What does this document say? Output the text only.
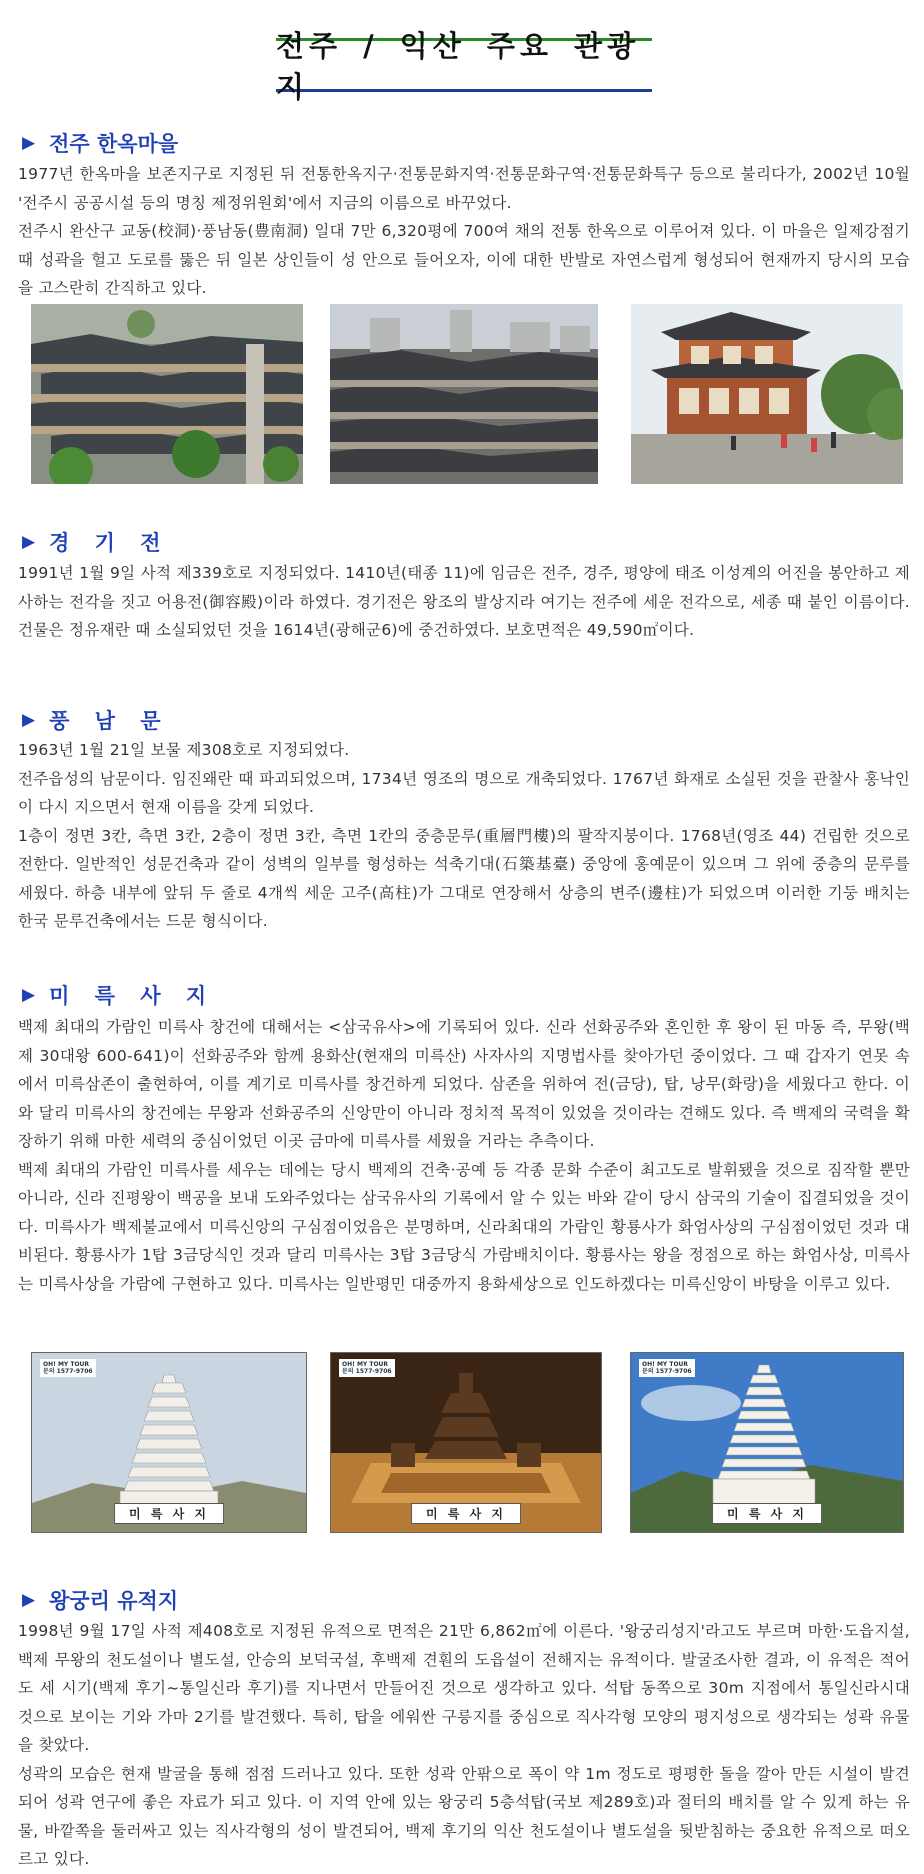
전주 / 익산 주요 관광지
▶ 전주 한옥마을

1977년 한옥마을 보존지구로 지정된 뒤 전통한옥지구·전통문화지역·전통문화구역·전통문화특구 등으로 불리다가, 2002년 10월 '전주시 공공시설 등의 명칭 제정위원회'에서 지금의 이름으로 바꾸었다.

전주시 완산구 교동(校洞)·풍남동(豊南洞) 일대 7만 6,320평에 700여 채의 전통 한옥으로 이루어져 있다. 이 마을은 일제강점기 때 성곽을 헐고 도로를 뚫은 뒤 일본 상인들이 성 안으로 들어오자, 이에 대한 반발로 자연스럽게 형성되어 현재까지 당시의 모습을 고스란히 간직하고 있다.

▶ 경 기 전

1991년 1월 9일 사적 제339호로 지정되었다. 1410년(태종 11)에 임금은 전주, 경주, 평양에 태조 이성계의 어진을 봉안하고 제사하는 전각을 짓고 어용전(御容殿)이라 하였다. 경기전은 왕조의 발상지라 여기는 전주에 세운 전각으로, 세종 때 붙인 이름이다. 건물은 정유재란 때 소실되었던 것을 1614년(광해군6)에 중건하였다. 보호면적은 49,590㎡이다.

▶ 풍 남 문

1963년 1월 21일 보물 제308호로 지정되었다.

전주읍성의 남문이다. 임진왜란 때 파괴되었으며, 1734년 영조의 명으로 개축되었다. 1767년 화재로 소실된 것을 관찰사 홍낙인이 다시 지으면서 현재 이름을 갖게 되었다.

1층이 정면 3칸, 측면 3칸, 2층이 정면 3칸, 측면 1칸의 중층문루(重層門樓)의 팔작지붕이다. 1768년(영조 44) 건립한 것으로 전한다. 일반적인 성문건축과 같이 성벽의 일부를 형성하는 석축기대(石築基臺) 중앙에 홍예문이 있으며 그 위에 중층의 문루를 세웠다. 하층 내부에 앞뒤 두 줄로 4개씩 세운 고주(高柱)가 그대로 연장해서 상층의 변주(邊柱)가 되었으며 이러한 기둥 배치는 한국 문루건축에서는 드문 형식이다.

▶ 미 륵 사 지

백제 최대의 가람인 미륵사 창건에 대해서는 <삼국유사>에 기록되어 있다. 신라 선화공주와 혼인한 후 왕이 된 마동 즉, 무왕(백제 30대왕 600-641)이 선화공주와 함께 용화산(현재의 미륵산) 사자사의 지명법사를 찾아가던 중이었다. 그 때 갑자기 연못 속에서 미륵삼존이 출현하여, 이를 계기로 미륵사를 창건하게 되었다. 삼존을 위하여 전(금당), 탑, 낭무(화랑)을 세웠다고 한다. 이와 달리 미륵사의 창건에는 무왕과 선화공주의 신앙만이 아니라 정치적 목적이 있었을 것이라는 견해도 있다. 즉 백제의 국력을 확장하기 위해 마한 세력의 중심이었던 이곳 금마에 미륵사를 세웠을 거라는 추측이다.

백제 최대의 가람인 미륵사를 세우는 데에는 당시 백제의 건축·공예 등 각종 문화 수준이 최고도로 발휘됐을 것으로 짐작할 뿐만 아니라, 신라 진평왕이 백공을 보내 도와주었다는 삼국유사의 기록에서 알 수 있는 바와 같이 당시 삼국의 기술이 집결되었을 것이다. 미륵사가 백제불교에서 미륵신앙의 구심점이었음은 분명하며, 신라최대의 가람인 황룡사가 화엄사상의 구심점이었던 것과 대비된다. 황룡사가 1탑 3금당식인 것과 달리 미륵사는 3탑 3금당식 가람배치이다. 황룡사는 왕을 정점으로 하는 화엄사상, 미륵사는 미륵사상을 가람에 구현하고 있다. 미륵사는 일반평민 대중까지 용화세상으로 인도하겠다는 미륵신앙이 바탕을 이루고 있다.

OH! MY TOUR
문의 1577-9706
미 륵 사 지
OH! MY TOUR
문의 1577-9706
미 륵 사 지
OH! MY TOUR
문의 1577-9706
미 륵 사 지
▶ 왕궁리 유적지

1998년 9월 17일 사적 제408호로 지정된 유적으로 면적은 21만 6,862㎡에 이른다. '왕궁리성지'라고도 부르며 마한·도읍지설, 백제 무왕의 천도설이나 별도설, 안승의 보덕국설, 후백제 견훤의 도읍설이 전해지는 유적이다. 발굴조사한 결과, 이 유적은 적어도 세 시기(백제 후기~통일신라 후기)를 지나면서 만들어진 것으로 생각하고 있다. 석탑 동쪽으로 30m 지점에서 통일신라시대 것으로 보이는 기와 가마 2기를 발견했다. 특히, 탑을 에워싼 구릉지를 중심으로 직사각형 모양의 평지성으로 생각되는 성곽 유물을 찾았다.

성곽의 모습은 현재 발굴을 통해 점점 드러나고 있다. 또한 성곽 안팎으로 폭이 약 1m 정도로 평평한 돌을 깔아 만든 시설이 발견되어 성곽 연구에 좋은 자료가 되고 있다. 이 지역 안에 있는 왕궁리 5층석탑(국보 제289호)과 절터의 배치를 알 수 있게 하는 유물, 바깥쪽을 둘러싸고 있는 직사각형의 성이 발견되어, 백제 후기의 익산 천도설이나 별도설을 뒷받침하는 중요한 유적으로 떠오르고 있다.
